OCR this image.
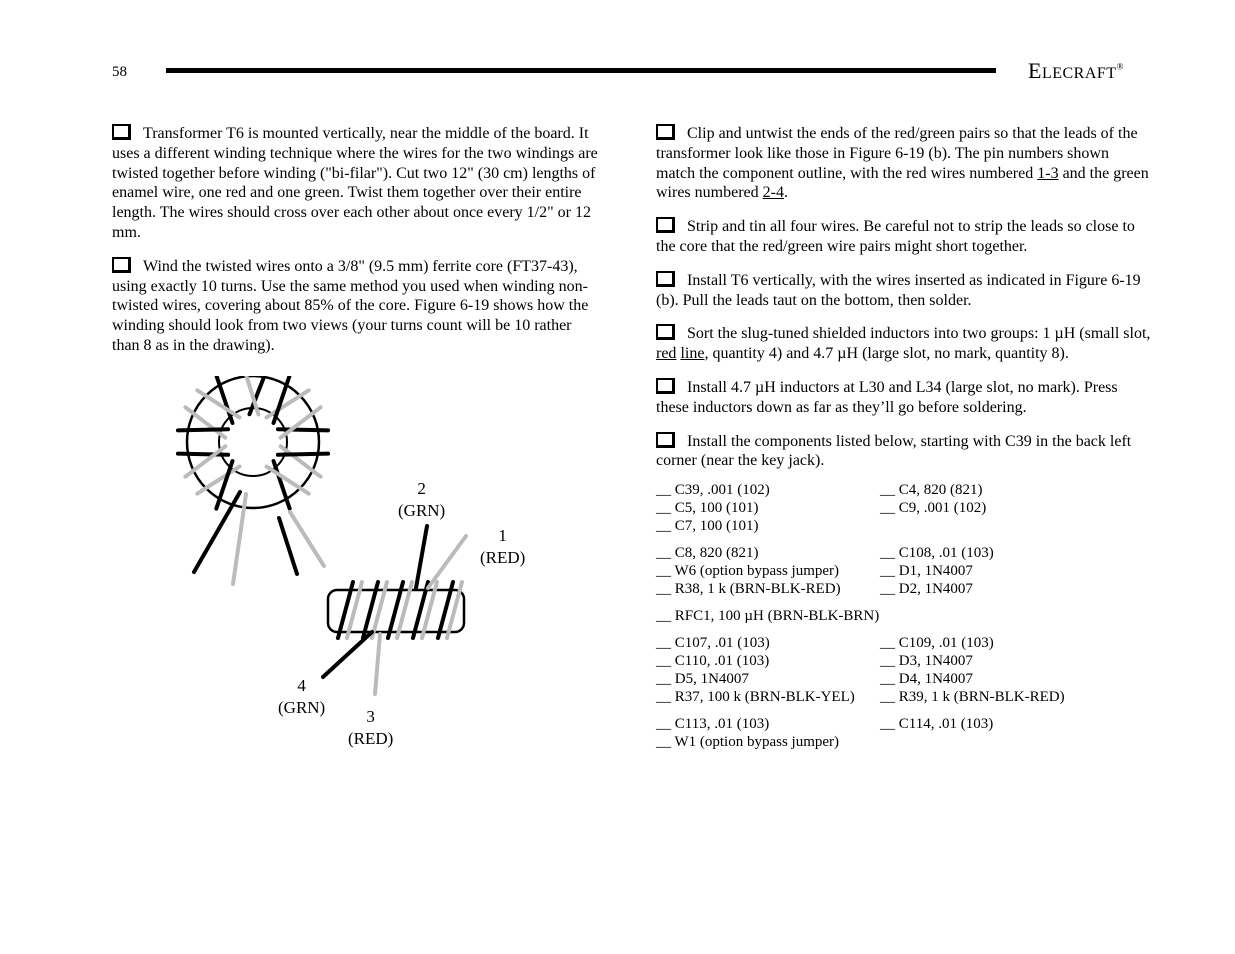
58	ELECRAFT®

Transformer T6 is mounted vertically, near the middle of the board. It uses a different winding technique where the wires for the two windings are twisted together before winding ("bi-filar"). Cut two 12" (30 cm) lengths of enamel wire, one red and one green. Twist them together over their entire length. The wires should cross over each other about once every 1/2" or 12 mm.

Wind the twisted wires onto a 3/8" (9.5 mm) ferrite core (FT37-43), using exactly 10 turns. Use the same method you used when winding non-twisted wires, covering about 85% of the core. Figure 6-19 shows how the winding should look from two views (your turns count will be 10 rather than 8 as in the drawing).

2
(GRN)
1
(RED)
4
(GRN)	3
(RED)

Clip and untwist the ends of the red/green pairs so that the leads of the transformer look like those in Figure 6-19 (b). The pin numbers shown match the component outline, with the red wires numbered 1-3 and the green wires numbered 2-4.

Strip and tin all four wires. Be careful not to strip the leads so close to the core that the red/green wire pairs might short together.

Install T6 vertically, with the wires inserted as indicated in Figure 6-19 (b). Pull the leads taut on the bottom, then solder.

Sort the slug-tuned shielded inductors into two groups: 1 µH (small slot, red line, quantity 4) and 4.7 µH (large slot, no mark, quantity 8).

Install 4.7 µH inductors at L30 and L34 (large slot, no mark). Press these inductors down as far as they’ll go before soldering.

Install the components listed below, starting with C39 in the back left corner (near the key jack).

__ C39, .001 (102)	__ C4, 820 (821)
__ C5, 100 (101)	__ C9, .001 (102)
__ C7, 100 (101)
__ C8, 820 (821)	__ C108, .01 (103)
__ W6 (option bypass jumper)	__ D1, 1N4007
__ R38, 1 k (BRN-BLK-RED)	__ D2, 1N4007
__ RFC1, 100 µH (BRN-BLK-BRN)
__ C107, .01 (103)	__ C109, .01 (103)
__ C110, .01 (103)	__ D3, 1N4007
__ D5, 1N4007	__ D4, 1N4007
__ R37, 100 k (BRN-BLK-YEL)	__ R39, 1 k (BRN-BLK-RED)
__ C113, .01 (103)	__ C114, .01 (103)
__ W1 (option bypass jumper)
